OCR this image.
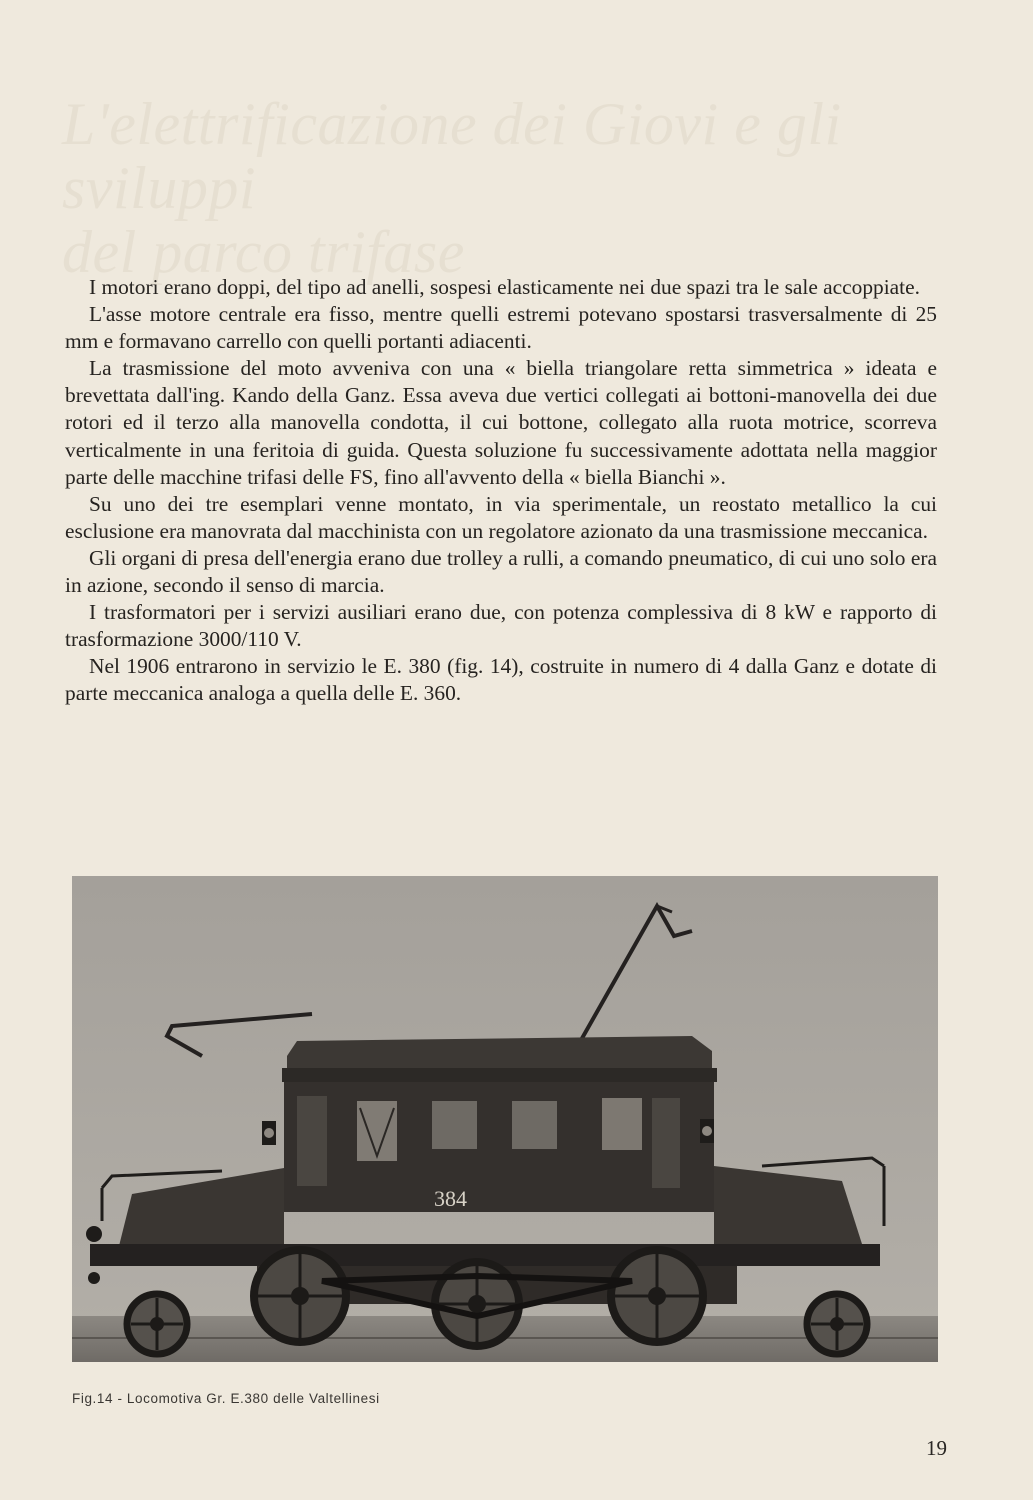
L'elettrificazione dei Giovi e gli sviluppi
del parco trifase

I motori erano doppi, del tipo ad anelli, sospesi elasticamente nei due spazi tra le sale accoppiate.

L'asse motore centrale era fisso, mentre quelli estremi potevano spostarsi trasversalmente di 25 mm e formavano carrello con quelli portanti adiacenti.

La trasmissione del moto avveniva con una « biella triangolare retta simmetrica » ideata e brevettata dall'ing. Kando della Ganz. Essa aveva due vertici collegati ai bottoni-manovella dei due rotori ed il terzo alla manovella condotta, il cui bottone, collegato alla ruota motrice, scorreva verticalmente in una feritoia di guida. Questa soluzione fu successivamente adottata nella maggior parte delle macchine trifasi delle FS, fino all'avvento della « biella Bianchi ».

Su uno dei tre esemplari venne montato, in via sperimentale, un reostato metallico la cui esclusione era manovrata dal macchinista con un regolatore azionato da una trasmissione meccanica.

Gli organi di presa dell'energia erano due trolley a rulli, a comando pneumatico, di cui uno solo era in azione, secondo il senso di marcia.

I trasformatori per i servizi ausiliari erano due, con potenza complessiva di 8 kW e rapporto di trasformazione 3000/110 V.

Nel 1906 entrarono in servizio le E. 380 (fig. 14), costruite in numero di 4 dalla Ganz e dotate di parte meccanica analoga a quella delle E. 360.

384
Fig.14 - Locomotiva Gr. E.380 delle Valtellinesi
19
